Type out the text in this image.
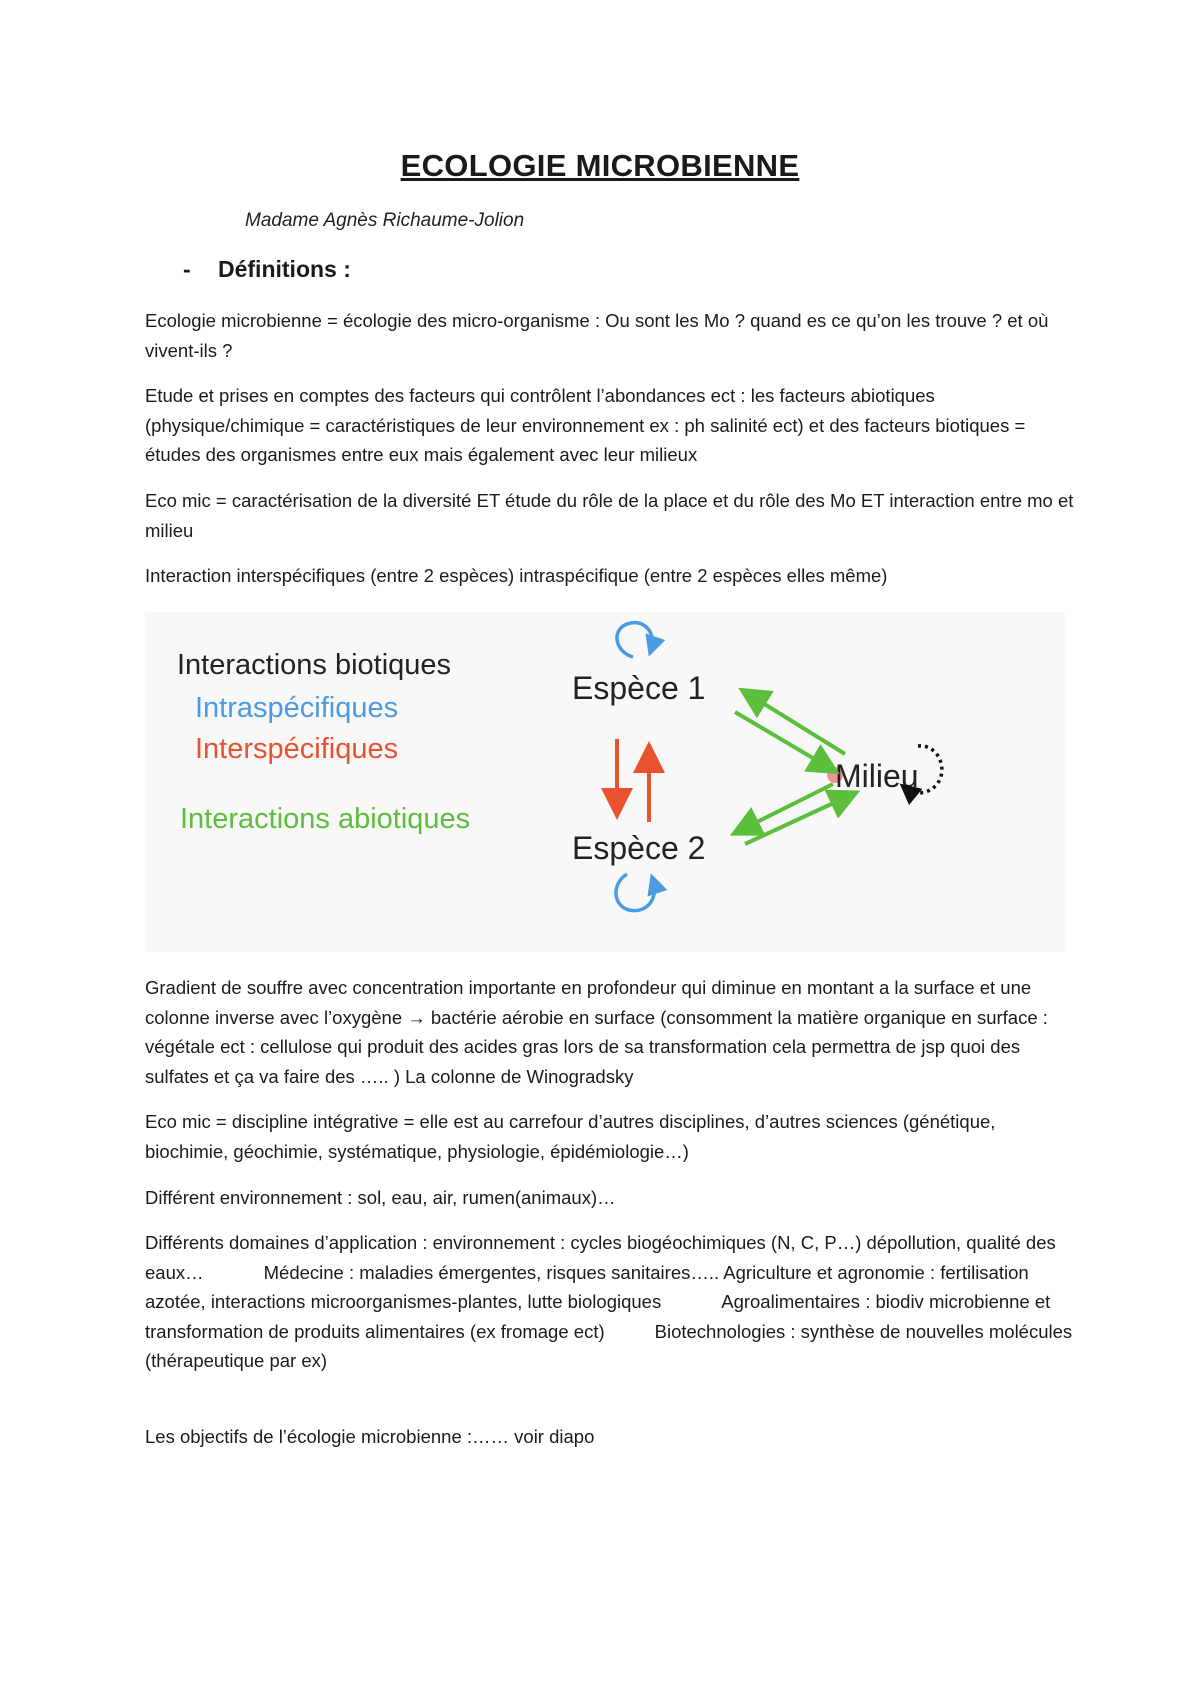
ECOLOGIE MICROBIENNE
Madame Agnès Richaume-Jolion
- Définitions :
Ecologie microbienne = écologie des micro-organisme : Ou sont les Mo ? quand es ce qu’on les trouve ? et où vivent-ils ?
Etude et prises en comptes des facteurs qui contrôlent l’abondances ect : les facteurs abiotiques (physique/chimique = caractéristiques de leur environnement ex : ph salinité ect) et des facteurs biotiques = études des organismes entre eux mais également avec leur milieux
Eco mic = caractérisation de la diversité ET étude du rôle de la place et du rôle des Mo ET interaction entre mo et milieu
Interaction interspécifiques (entre 2 espèces) intraspécifique (entre 2 espèces elles même)
Interactions biotiques
Intraspécifiques
Interspécifiques
Interactions abiotiques
Espèce 1
Espèce 2
Milieu
Gradient de souffre avec concentration importante en profondeur qui diminue en montant a la surface et une colonne inverse avec l’oxygène → bactérie aérobie en surface (consomment la matière organique en surface : végétale ect : cellulose qui produit des acides gras lors de sa transformation cela permettra de jsp quoi des sulfates et ça va faire des ….. ) La colonne de Winogradsky
Eco mic = discipline intégrative = elle est au carrefour d’autres disciplines, d’autres sciences (génétique, biochimie, géochimie, systématique, physiologie, épidémiologie…)
Différent environnement : sol, eau, air, rumen(animaux)…
Différents domaines d’application : environnement : cycles biogéochimiques (N, C, P…) dépollution, qualité des eaux…	Médecine : maladies émergentes, risques sanitaires….. Agriculture et agronomie : fertilisation azotée, interactions microorganismes-plantes, lutte biologiques	Agroalimentaires : biodiv microbienne et transformation de produits alimentaires (ex fromage ect)	Biotechnologies : synthèse de nouvelles molécules (thérapeutique par ex)
Les objectifs de l’écologie microbienne :…… voir diapo
